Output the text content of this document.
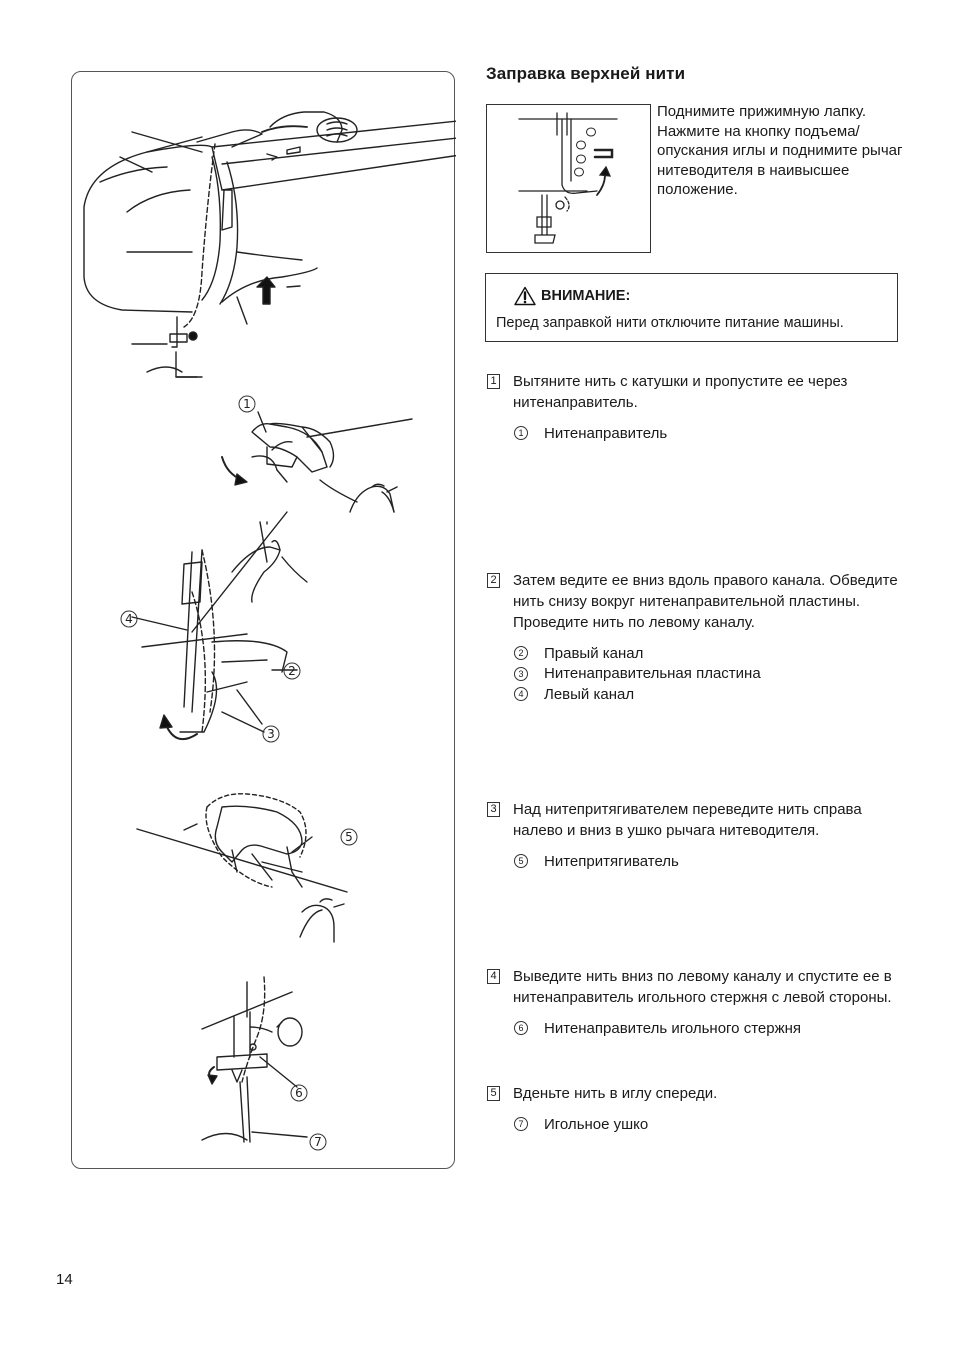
1
4
2
3
5
6
7
Заправка верхней нити
Поднимите прижимную лапку. Нажмите на кнопку подъема/опускания иглы и поднимите рычаг нитеводителя в наивысшее положение.
ВНИМАНИЕ:
Перед заправкой нити отключите питание машины.
1 Вытяните нить с катушки и пропустите ее через нитенаправитель.
1	Нитенаправитель
2 Затем ведите ее вниз вдоль правого канала. Обведите нить снизу вокруг нитенаправительной пластины. Проведите нить по левому каналу.
2	Правый канал
3	Нитенаправительная пластина
4	Левый канал
3 Над нитепритягивателем переведите нить справа налево и вниз в ушко рычага нитеводителя.
5	Нитепритягиватель
4 Выведите нить вниз по левому каналу и спустите ее в нитенаправитель игольного стержня с левой стороны.
6	Нитенаправитель игольного стержня
5 Вденьте нить в иглу спереди.
7	Игольное ушко
14
